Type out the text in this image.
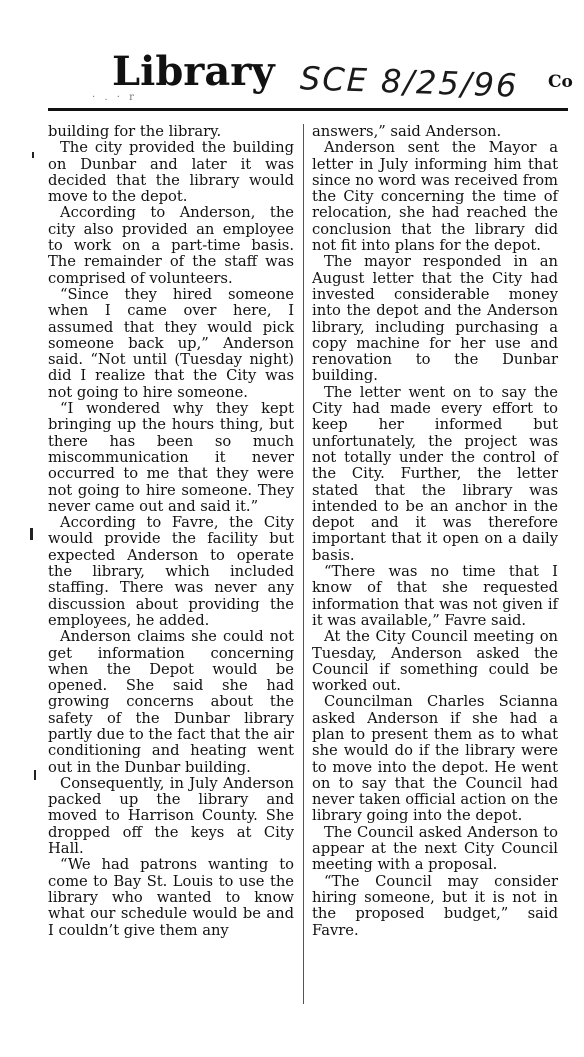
Library SCE 8/25/96 Co
· . · r

building for the library.

The city provided the building on Dunbar and later it was decided that the library would move to the depot.

According to Anderson, the city also provided an employee to work on a part-time basis. The remainder of the staff was comprised of volunteers.

“Since they hired someone when I came over here, I assumed that they would pick someone back up,” Anderson said. “Not until (Tuesday night) did I realize that the City was not going to hire someone.

“I wondered why they kept bringing up the hours thing, but there has been so much miscommunication it never occurred to me that they were not going to hire someone. They never came out and said it.”

According to Favre, the City would provide the facility but expected Anderson to operate the library, which included staffing. There was never any discussion about providing the employees, he added.

Anderson claims she could not get information concerning when the Depot would be opened. She said she had growing concerns about the safety of the Dunbar library partly due to the fact that the air conditioning and heating went out in the Dunbar building.

Consequently, in July Anderson packed up the library and moved to Harrison County. She dropped off the keys at City Hall.

“We had patrons wanting to come to Bay St. Louis to use the library who wanted to know what our schedule would be and I couldn’t give them any

answers,” said Anderson.

Anderson sent the Mayor a letter in July informing him that since no word was received from the City concerning the time of relocation, she had reached the conclusion that the library did not fit into plans for the depot.

The mayor responded in an August letter that the City had invested considerable money into the depot and the Anderson library, including purchasing a copy machine for her use and renovation to the Dunbar building.

The letter went on to say the City had made every effort to keep her informed but unfortunately, the project was not totally under the control of the City. Further, the letter stated that the library was intended to be an anchor in the depot and it was therefore important that it open on a daily basis.

“There was no time that I know of that she requested information that was not given if it was available,” Favre said.

At the City Council meeting on Tuesday, Anderson asked the Council if something could be worked out.

Councilman Charles Scianna asked Anderson if she had a plan to present them as to what she would do if the library were to move into the depot. He went on to say that the Council had never taken official action on the library going into the depot.

The Council asked Anderson to appear at the next City Council meeting with a proposal.

“The Council may consider hiring someone, but it is not in the proposed budget,” said Favre.
